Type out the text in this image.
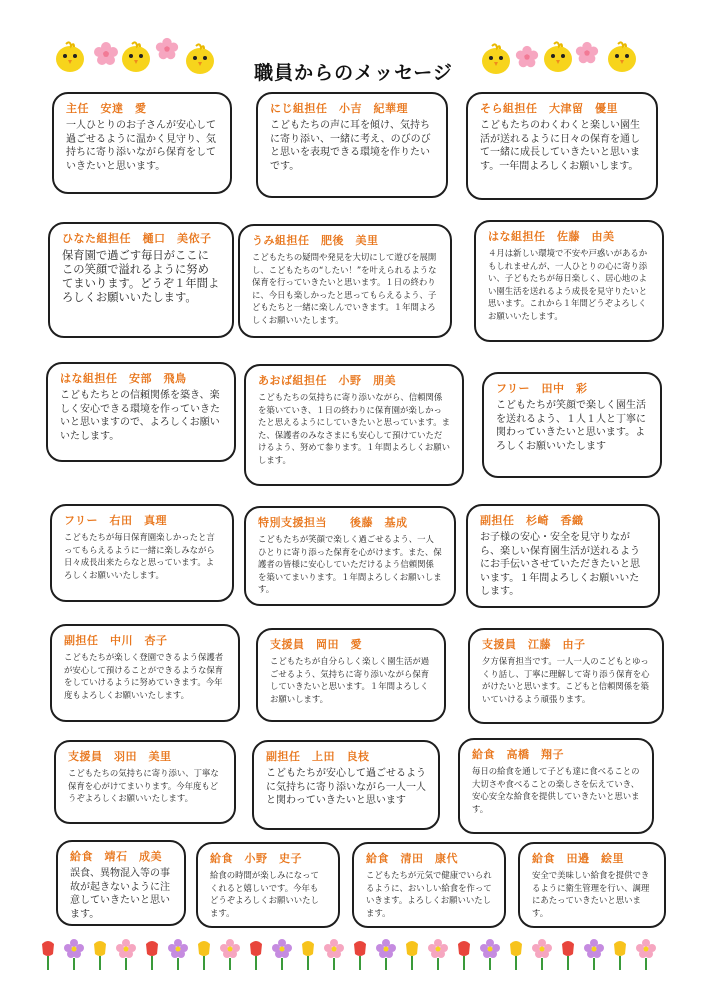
職員からのメッセージ
主任　安達　愛
一人ひとりのお子さんが安心して過ごせるように温かく見守り、気持ちに寄り添いながら保育をしていきたいと思います。
にじ組担任　小吉　紀華理
こどもたちの声に耳を傾け、気持ちに寄り添い、一緒に考え、のびのびと思いを表現できる環境を作りたいです。
そら組担任　大津留　優里
こどもたちのわくわくと楽しい園生活が送れるように日々の保育を通して一緒に成長していきたいと思います。一年間よろしくお願いします。
ひなた組担任　樋口　美依子
保育園で過ごす毎日がここにこの笑顔で溢れるように努めてまいります。どうぞ１年間よろしくお願いいたします。
うみ組担任　肥後　美里
こどもたちの疑問や発見を大切にして遊びを展開し、こどもたちの“したい！”を叶えられるような保育を行っていきたいと思います。１日の終わりに、今日も楽しかったと思ってもらえるよう、子どもたちと一緒に楽しんでいきます。１年間よろしくお願いいたします。
はな組担任　佐藤　由美
４月は新しい環境で不安や戸惑いがあるかもしれませんが、一人ひとりの心に寄り添い、子どもたちが毎日楽しく、居心地のよい園生活を送れるよう成長を見守りたいと思います。これから１年間どうぞよろしくお願いいたします。
はな組担任　安部　飛鳥
こどもたちとの信頼関係を築き、楽しく安心できる環境を作っていきたいと思いますので、よろしくお願いいたします。
あおば組担任　小野　朋美
こどもたちの気持ちに寄り添いながら、信頼関係を築いていき、１日の終わりに保育園が楽しかったと思えるようにしていきたいと思っています。また、保護者のみなさまにも安心して預けていただけるよう、努めて参ります。１年間よろしくお願いします。
フリー　田中　彩
こどもたちが笑顔で楽しく園生活を送れるよう、１人１人と丁寧に関わっていきたいと思います。よろしくお願いいたします
フリー　右田　真理
こどもたちが毎日保育園楽しかったと言ってもらえるように一緒に楽しみながら日々成長出来たらなと思っています。よろしくお願いいたします。
特別支援担当　　後藤　基成
こどもたちが笑顔で楽しく過ごせるよう、一人ひとりに寄り添った保育を心がけます。また、保護者の皆様に安心していただけるよう信頼関係を築いてまいります。１年間よろしくお願いします。
副担任　杉崎　香織
お子様の安心・安全を見守りながら、楽しい保育園生活が送れるようにお手伝いさせていただきたいと思います。１年間よろしくお願いいたします。
副担任　中川　杏子
こどもたちが楽しく登園できるよう保護者が安心して預けることができるような保育をしていけるように努めていきます。今年度もよろしくお願いいたします。
支援員　岡田　愛
こどもたちが自分らしく楽しく園生活が過ごせるよう、気持ちに寄り添いながら保育していきたいと思います。１年間よろしくお願いします。
支援員　江藤　由子
夕方保育担当です。一人一人のこどもとゆっくり話し、丁寧に理解して寄り添う保育を心がけたいと思います。こどもと信頼関係を築いていけるよう頑張ります。
支援員　羽田　美里
こどもたちの気持ちに寄り添い、丁寧な保育を心がけてまいります。今年度もどうぞよろしくお願いいたします。
副担任　上田　良枝
こどもたちが安心して過ごせるように気持ちに寄り添いながら一人一人と関わっていきたいと思います
給食　高橋　翔子
毎日の給食を通して子ども達に食べることの大切さや食べることの楽しさを伝えていき、安心安全な給食を提供していきたいと思います。
給食　靖石　成美
誤食、異物混入等の事故が起きないように注意していきたいと思います。
給食　小野　史子
給食の時間が楽しみになってくれると嬉しいです。今年もどうぞよろしくお願いいたします。
給食　清田　康代
こどもたちが元気で健康でいられるように、おいしい給食を作っていきます。よろしくお願いいたします。
給食　田邉　絵里
安全で美味しい給食を提供できるように衛生管理を行い、調理にあたっていきたいと思います。
